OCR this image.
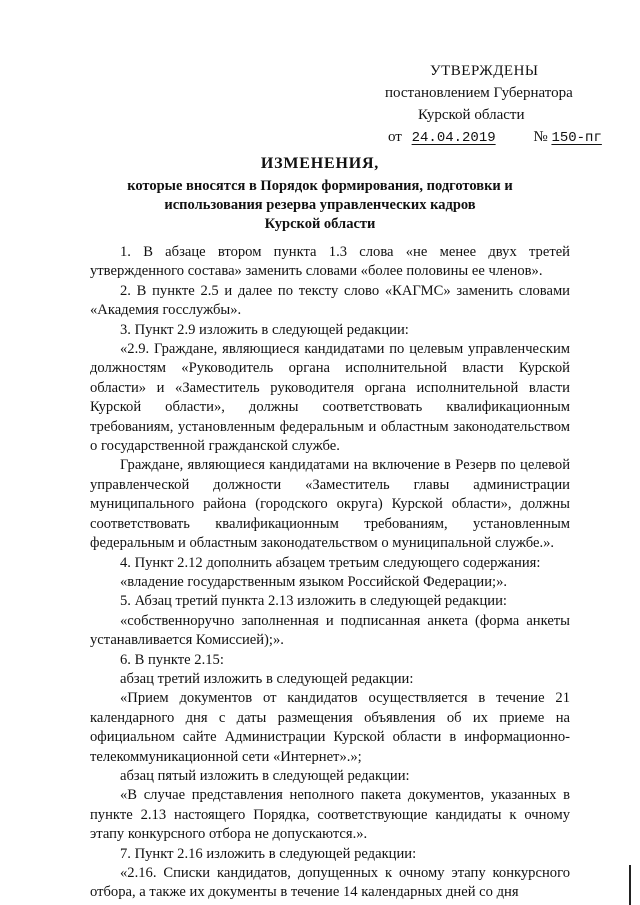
УТВЕРЖДЕНЫ
постановлением Губернатора
Курской области
от 24.04.2019	№ 150-пг
ИЗМЕНЕНИЯ,
которые вносятся в Порядок формирования, подготовки и
использования резерва управленческих кадров
Курской области

1. В абзаце втором пункта 1.3 слова «не менее двух третей утвержденного состава» заменить словами «более половины ее членов».

2. В пункте 2.5 и далее по тексту слово «КАГМС» заменить словами «Академия госслужбы».

3. Пункт 2.9 изложить в следующей редакции:

«2.9. Граждане, являющиеся кандидатами по целевым управленческим должностям «Руководитель органа исполнительной власти Курской области» и «Заместитель руководителя органа исполнительной власти Курской области», должны соответствовать квалификационным требованиям, установленным федеральным и областным законодательством о государственной гражданской службе.

Граждане, являющиеся кандидатами на включение в Резерв по целевой управленческой должности «Заместитель главы администрации муниципального района (городского округа) Курской области», должны соответствовать квалификационным требованиям, установленным федеральным и областным законодательством о муниципальной службе.».

4. Пункт 2.12 дополнить абзацем третьим следующего содержания:

«владение государственным языком Российской Федерации;».

5. Абзац третий пункта 2.13 изложить в следующей редакции:

«собственноручно заполненная и подписанная анкета (форма анкеты устанавливается Комиссией);».

6. В пункте 2.15:

абзац третий изложить в следующей редакции:

«Прием документов от кандидатов осуществляется в течение 21 календарного дня с даты размещения объявления об их приеме на официальном сайте Администрации Курской области в информационно-телекоммуникационной сети «Интернет».»;

абзац пятый изложить в следующей редакции:

«В случае представления неполного пакета документов, указанных в пункте 2.13 настоящего Порядка, соответствующие кандидаты к очному этапу конкурсного отбора не допускаются.».

7. Пункт 2.16 изложить в следующей редакции:

«2.16. Списки кандидатов, допущенных к очному этапу конкурсного отбора, а также их документы в течение 14 календарных дней со дня
